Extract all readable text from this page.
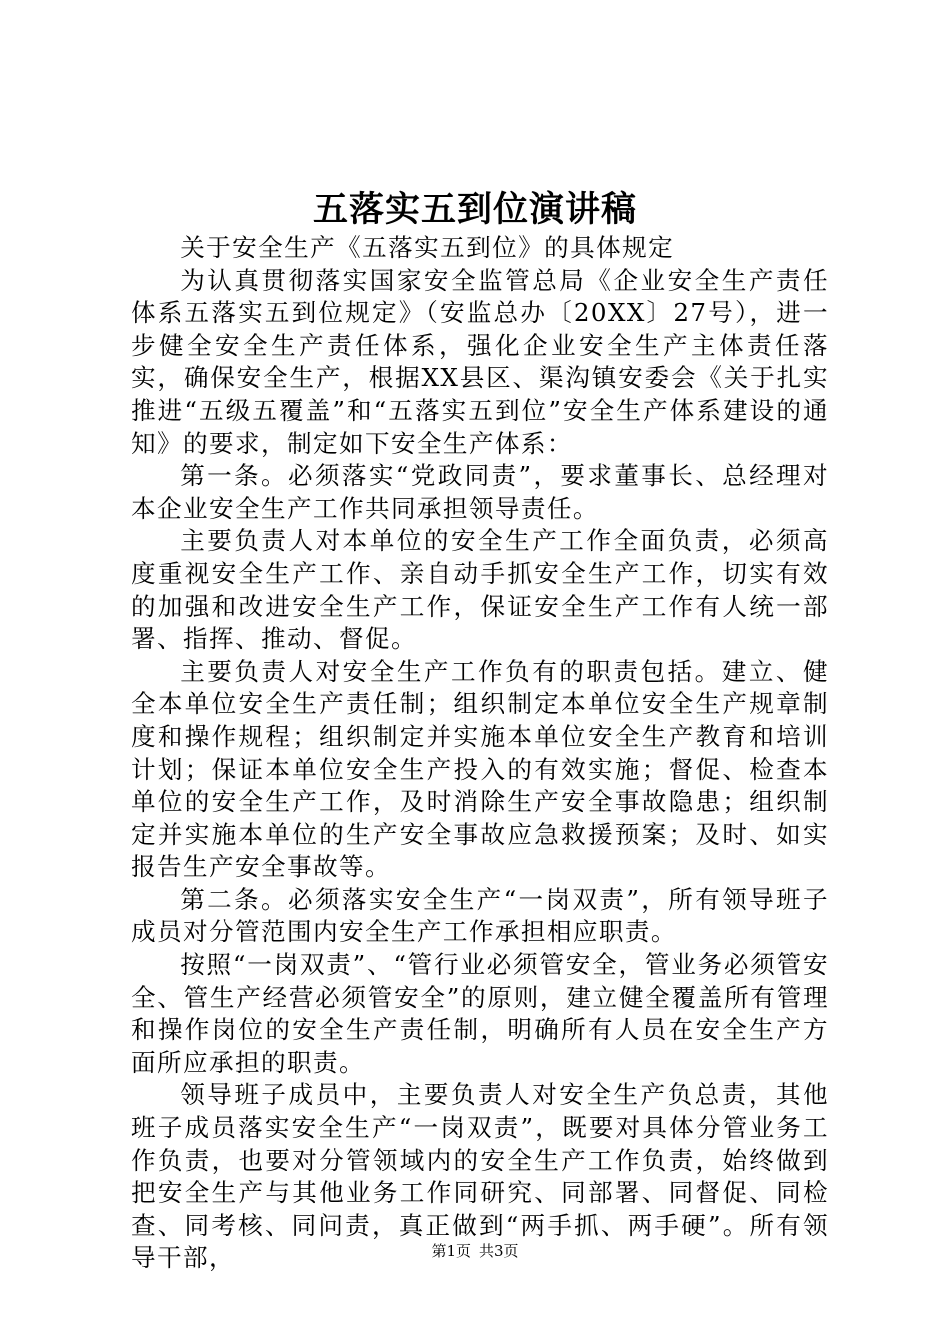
五落实五到位演讲稿

关于安全生产《五落实五到位》的具体规定

为认真贯彻落实国家安全监管总局《企业安全生产责任体系五落实五到位规定》（安监总办〔20XX〕27号），进一步健全安全生产责任体系，强化企业安全生产主体责任落实，确保安全生产，根据XX县区、渠沟镇安委会《关于扎实推进“五级五覆盖”和“五落实五到位”安全生产体系建设的通知》的要求，制定如下安全生产体系：

第一条。必须落实“党政同责”，要求董事长、总经理对本企业安全生产工作共同承担领导责任。

主要负责人对本单位的安全生产工作全面负责，必须高度重视安全生产工作、亲自动手抓安全生产工作，切实有效的加强和改进安全生产工作，保证安全生产工作有人统一部署、指挥、推动、督促。

主要负责人对安全生产工作负有的职责包括。建立、健全本单位安全生产责任制；组织制定本单位安全生产规章制度和操作规程；组织制定并实施本单位安全生产教育和培训计划；保证本单位安全生产投入的有效实施；督促、检查本单位的安全生产工作，及时消除生产安全事故隐患；组织制定并实施本单位的生产安全事故应急救援预案；及时、如实报告生产安全事故等。

第二条。必须落实安全生产“一岗双责”，所有领导班子成员对分管范围内安全生产工作承担相应职责。

按照“一岗双责”、“管行业必须管安全，管业务必须管安全、管生产经营必须管安全”的原则，建立健全覆盖所有管理和操作岗位的安全生产责任制，明确所有人员在安全生产方面所应承担的职责。

领导班子成员中，主要负责人对安全生产负总责，其他班子成员落实安全生产“一岗双责”，既要对具体分管业务工作负责，也要对分管领域内的安全生产工作负责，始终做到把安全生产与其他业务工作同研究、同部署、同督促、同检查、同考核、同问责，真正做到“两手抓、两手硬”。所有领导干部，	第1页 共3页
